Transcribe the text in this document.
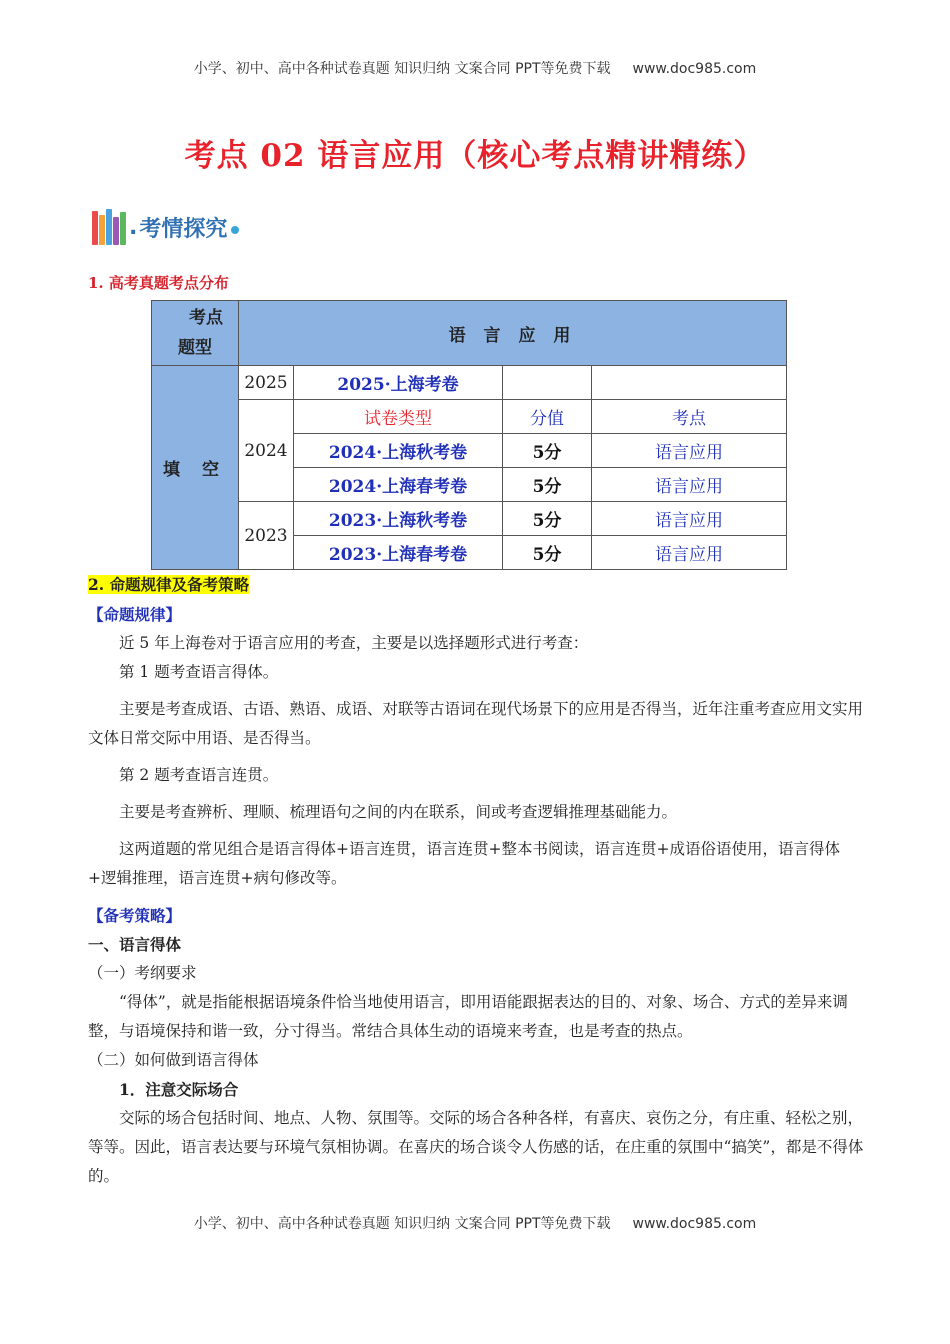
小学、初中、高中各种试卷真题 知识归纳 文案合同 PPT等免费下载 www.doc985.com
考点 02 语言应用（核心考点精讲精练）
. 考情探究
1. 高考真题考点分布
考点
题型	语 言 应 用			
填 空	2025	2025·上海考卷		
	2024	试卷类型	分值	考点
		2024·上海秋考卷	5分	语言应用
		2024·上海春考卷	5分	语言应用
	2023	2023·上海秋考卷	5分	语言应用
		2023·上海春考卷	5分	语言应用

2. 命题规律及备考策略

【命题规律】

近 5 年上海卷对于语言应用的考查，主要是以选择题形式进行考查：

第 1 题考查语言得体。

主要是考查成语、古语、熟语、成语、对联等古语词在现代场景下的应用是否得当，近年注重考查应用文实用文体日常交际中用语、是否得当。

第 2 题考查语言连贯。

主要是考查辨析、理顺、梳理语句之间的内在联系，间或考查逻辑推理基础能力。

这两道题的常见组合是语言得体+语言连贯，语言连贯+整本书阅读，语言连贯+成语俗语使用，语言得体+逻辑推理，语言连贯+病句修改等。

【备考策略】

一、语言得体

（一）考纲要求

“得体”，就是指能根据语境条件恰当地使用语言，即用语能跟据表达的目的、对象、场合、方式的差异来调整，与语境保持和谐一致，分寸得当。常结合具体生动的语境来考查，也是考查的热点。

（二）如何做到语言得体

1．注意交际场合

交际的场合包括时间、地点、人物、氛围等。交际的场合各种各样，有喜庆、哀伤之分，有庄重、轻松之别，等等。因此，语言表达要与环境气氛相协调。在喜庆的场合谈令人伤感的话，在庄重的氛围中“搞笑”，都是不得体的。

小学、初中、高中各种试卷真题 知识归纳 文案合同 PPT等免费下载 www.doc985.com
